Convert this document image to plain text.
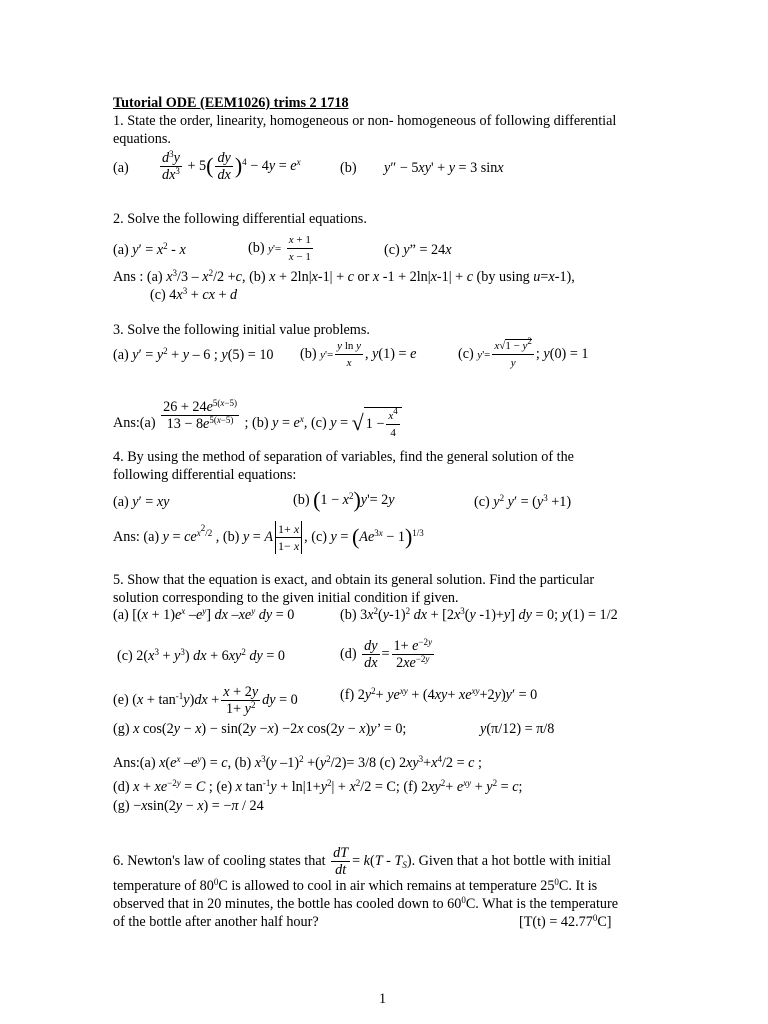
Tutorial ODE (EEM1026) trims 2 1718
1. State the order, linearity, homogeneous or non- homogeneous of following differential
equations.
$(a) \frac{d^3y}{dx^3} + 5( \frac{dy}{dx} )^4 - 4y = e^x$	(b) y″ − 5xy' + y = 3 sinx
2. Solve the following differential equations.
(a) $y' = x^2 - x$	(b) $y'= \frac{x + 1}{x - 1}$	(c) y” = 24x
Ans : (a) $x^3/3 - x^2/2 +c$, (b) x + 2ln|x-1| + c or x -1 + 2ln|x-1| + c (by using u=x-1),
(c) $4x^3$ + cx + d
3. Solve the following initial value problems.
(a) $y' = y^2 + y - 6$ ; y(5) = 10 (b) $y'= \frac{\text{y ln y}}{x}$ , y(1) = e	(c) $y'= \frac{x√1 - y^2}{y}$ ; y(0) = 1
Ans:(a) $\frac{26 + 24e^{5(x-5)}}{13 - 8e^{5(x-5)}}$ ; (b) $y = e^x$, (c) y = √ $1 - \frac{x^4}{4}$
4. By using the method of separation of variables, find the general solution of the
following differential equations:
(a) y′ = xy	(b) $(1 - x^2)y'= 2y$	(c) $y^2$ $y' = (y^3 +1)$
Ans: (a) $y = ce^{x^2/2}$ , (b) y = A $\frac{1+ x}{1- x}$ , (c) $y = (Ae^{3x} - 1)^{1/3}$
5. Show that the equation is exact, and obtain its general solution. Find the particular
solution corresponding to the given initial condition if given.
(a) [$(x + 1)e^x$ $-e^y$] dx $-xe^y$ dy = 0	(b) $3x^2(y-1)^2$ dx + [$2x^3(y$ -1)+y] dy = 0; y(1) = 1/2
(c) $2(x^3 + y^3)$ dx + $6xy^2$ dy = 0	$(d) \frac{dy}{dx} = \frac{1+ e^{-2y}}{2xe^{-2y}}$
(e) $(x + \tan^{-1}y)dx + \frac{x + 2y}{1+ y^2}$ dy = 0	(f) $2y^2+ ye^{xy} + (4xy+ xe^{xy}+2y)y' = 0$
(g) x cos(2y − x) − sin(2y −x) −2x cos(2y − x)y’ = 0;	y(π/12) = π/8
Ans:(a) $x(e^x$ $-e^y) = c$, (b) $x^3(y$ $-1)^2 +(y^2/2)= 3/8$ (c) $2xy^3+x^4/2 = c$ ;
(d) $x + xe^{-2y} = C$ ; (e) x $\tan^{-1}y + \ln|1+y^2| + x^2/2 = C$; (f) $2xy^2+ e^{xy} + y^2 = c$;
(g) −xsin(2y − x) = −π / 24
6. Newton's law of cooling states that $\frac{dT}{dt} = k(T - T_S)$. Given that a hot bottle with initial
temperature of $80^0C$ is allowed to cool in air which remains at temperature $25^0C$. It is
observed that in 20 minutes, the bottle has cooled down to $60^0C$. What is the temperature
of the bottle after another half hour?	$[T(t) = 42.77^0C]$
1
